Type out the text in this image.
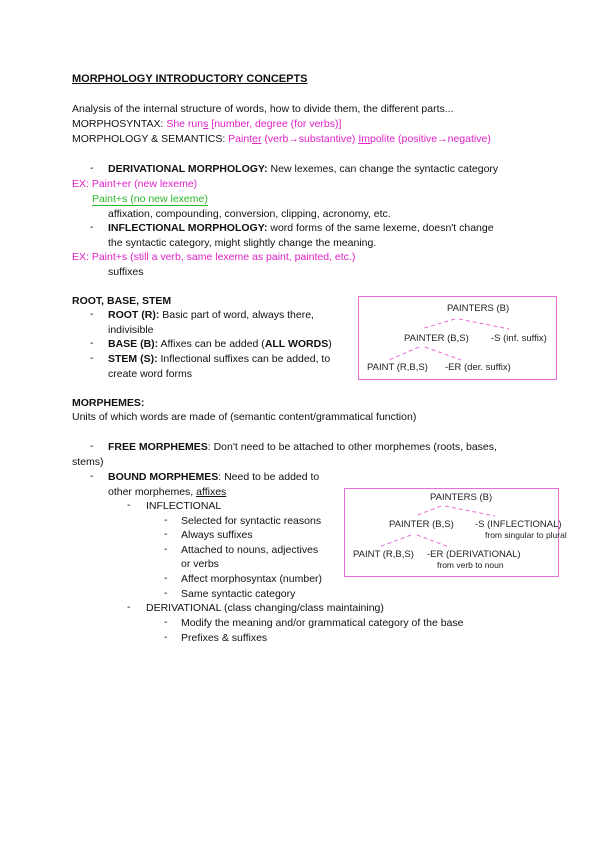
MORPHOLOGY INTRODUCTORY CONCEPTS
Analysis of the internal structure of words, how to divide them, the different parts...
MORPHOSYNTAX: She runs [number, degree (for verbs)]
MORPHOLOGY & SEMANTICS: Painter (verb→substantive) Impolite (positive→negative)
- DERIVATIONAL MORPHOLOGY: New lexemes, can change the syntactic category
EX: Paint+er (new lexeme)
Paint+s (no new lexeme)
affixation, compounding, conversion, clipping, acronomy, etc.
- INFLECTIONAL MORPHOLOGY: word forms of the same lexeme, doesn't change
the syntactic category, might slightly change the meaning.
EX: Paint+s (still a verb, same lexeme as paint, painted, etc.)
suffixes
ROOT, BASE, STEM
- ROOT (R): Basic part of word, always there,
indivisible
- BASE (B): Affixes can be added (ALL WORDS)
- STEM (S): Inflectional suffixes can be added, to
create word forms
PAINTERS (B)
PAINTER (B,S) -S (inf. suffix)
PAINT (R,B,S) -ER (der. suffix)
MORPHEMES:
Units of which words are made of (semantic content/grammatical function)
- FREE MORPHEMES: Don't need to be attached to other morphemes (roots, bases,
stems)
- BOUND MORPHEMES: Need to be added to
other morphemes, affixes
- INFLECTIONAL
- Selected for syntactic reasons
- Always suffixes
- Attached to nouns, adjectives
or verbs
- Affect morphosyntax (number)
- Same syntactic category
- DERIVATIONAL (class changing/class maintaining)
- Modify the meaning and/or grammatical category of the base
- Prefixes & suffixes
PAINTERS (B)
PAINTER (B,S) -S (INFLECTIONAL)
from singular to plural
PAINT (R,B,S) -ER (DERIVATIONAL)
from verb to noun
